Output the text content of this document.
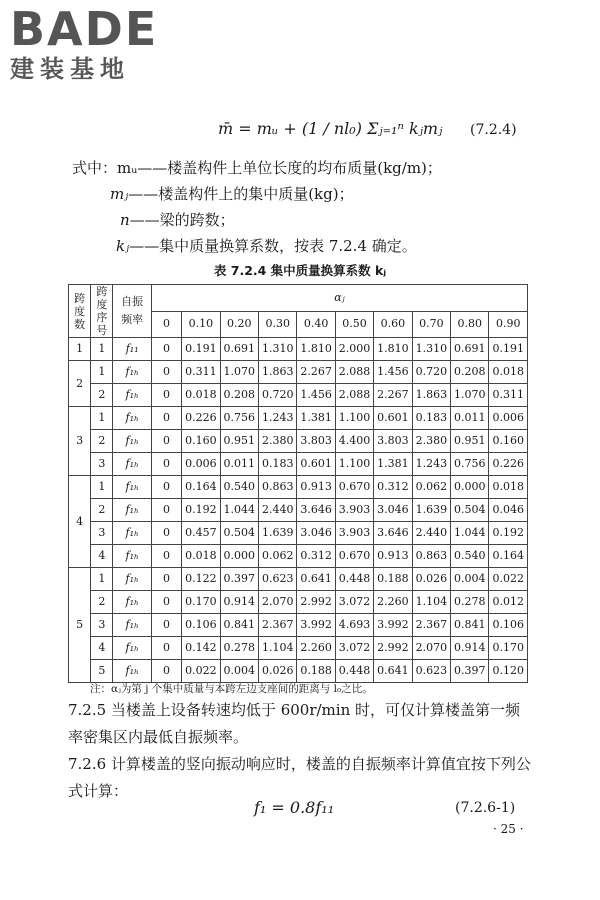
BADE
建装基地
m̄ = mᵤ + (1 / nl₀) Σⱼ₌₁ⁿ kⱼmⱼ (7.2.4)
式中：mᵤ——楼盖构件上单位长度的均布质量(kg/m)；
mⱼ——楼盖构件上的集中质量(kg)；
n——梁的跨数；
kⱼ——集中质量换算系数，按表 7.2.4 确定。
表 7.2.4 集中质量换算系数 kⱼ
跨度数	跨度序号	自振频率	αⱼ									
			0	0.10	0.20	0.30	0.40	0.50	0.60	0.70	0.80	0.90
1	1	f₁₁	0	0.191	0.691	1.310	1.810	2.000	1.810	1.310	0.691	0.191
2	1	f₁ₕ	0	0.311	1.070	1.863	2.267	2.088	1.456	0.720	0.208	0.018
	2	f₁ₕ	0	0.018	0.208	0.720	1.456	2.088	2.267	1.863	1.070	0.311
3	1	f₁ₕ	0	0.226	0.756	1.243	1.381	1.100	0.601	0.183	0.011	0.006
	2	f₁ₕ	0	0.160	0.951	2.380	3.803	4.400	3.803	2.380	0.951	0.160
	3	f₁ₕ	0	0.006	0.011	0.183	0.601	1.100	1.381	1.243	0.756	0.226
4	1	f₁ₕ	0	0.164	0.540	0.863	0.913	0.670	0.312	0.062	0.000	0.018
	2	f₁ₕ	0	0.192	1.044	2.440	3.646	3.903	3.046	1.639	0.504	0.046
	3	f₁ₕ	0	0.457	0.504	1.639	3.046	3.903	3.646	2.440	1.044	0.192
	4	f₁ₕ	0	0.018	0.000	0.062	0.312	0.670	0.913	0.863	0.540	0.164
5	1	f₁ₕ	0	0.122	0.397	0.623	0.641	0.448	0.188	0.026	0.004	0.022
	2	f₁ₕ	0	0.170	0.914	2.070	2.992	3.072	2.260	1.104	0.278	0.012
	3	f₁ₕ	0	0.106	0.841	2.367	3.992	4.693	3.992	2.367	0.841	0.106
	4	f₁ₕ	0	0.142	0.278	1.104	2.260	3.072	2.992	2.070	0.914	0.170
	5	f₁ₕ	0	0.022	0.004	0.026	0.188	0.448	0.641	0.623	0.397	0.120
注：αⱼ为第 j 个集中质量与本跨左边支座间的距离与 l₀之比。
7.2.5 当楼盖上设备转速均低于 600r/min 时，可仅计算楼盖第一频率密集区内最低自振频率。
7.2.6 计算楼盖的竖向振动响应时，楼盖的自振频率计算值宜按下列公式计算：
f₁ = 0.8f₁₁	(7.2.6-1)
· 25 ·
